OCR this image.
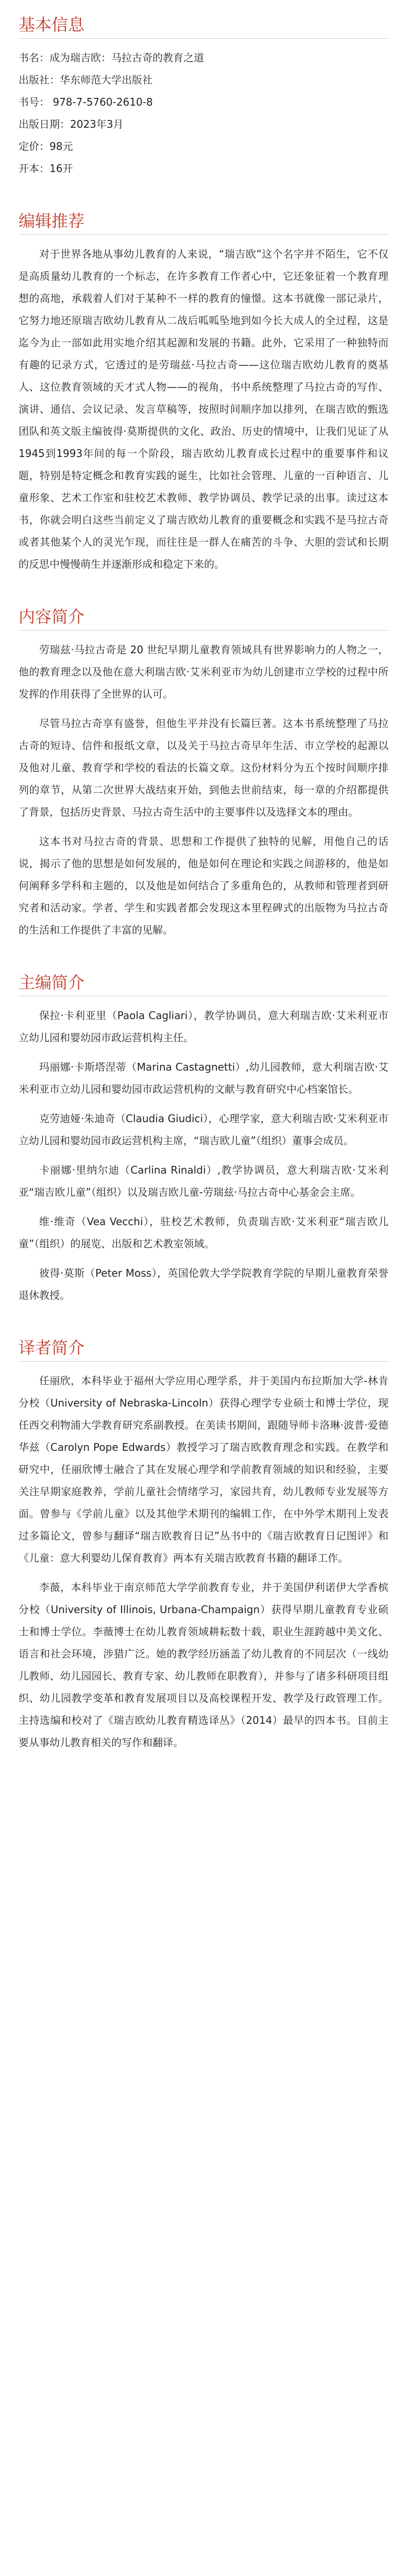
基本信息

书名：成为瑞吉欧：马拉古奇的教育之道

出版社：华东师范大学出版社

书号： 978-7-5760-2610-8

出版日期：2023年3月

定价：98元

开本：16开

编辑推荐

对于世界各地从事幼儿教育的人来说，“瑞吉欧”这个名字并不陌生，它不仅是高质量幼儿教育的一个标志，在许多教育工作者心中，它还象征着一个教育理想的高地，承载着人们对于某种不一样的教育的憧憬。这本书就像一部记录片，它努力地还原瑞吉欧幼儿教育从二战后呱呱坠地到如今长大成人的全过程，这是迄今为止一部如此用实地介绍其起源和发展的书籍。此外，它采用了一种独特而有趣的记录方式，它透过的是劳瑞兹·马拉古奇——这位瑞吉欧幼儿教育的奠基人、这位教育领域的天才式人物——的视角，书中系统整理了马拉古奇的写作、演讲、通信、会议记录、发言草稿等，按照时间顺序加以排列，在瑞吉欧的甄选团队和英文版主编彼得·莫斯提供的文化、政治、历史的情境中，让我们见证了从1945到1993年间的每一个阶段，瑞吉欧幼儿教育成长过程中的重要事件和议题，特别是特定概念和教育实践的诞生，比如社会管理、儿童的一百种语言、儿童形象、艺术工作室和驻校艺术教师、教学协调员、教学记录的出事。读过这本书，你就会明白这些当前定义了瑞吉欧幼儿教育的重要概念和实践不是马拉古奇或者其他某个人的灵光乍现，而往往是一群人在痛苦的斗争、大胆的尝试和长期的反思中慢慢萌生并逐渐形成和稳定下来的。

内容简介

劳瑞兹·马拉古奇是 20 世纪早期儿童教育领域具有世界影响力的人物之一，他的教育理念以及他在意大利瑞吉欧·艾米利亚市为幼儿创建市立学校的过程中所发挥的作用获得了全世界的认可。

尽管马拉古奇享有盛誉，但他生平并没有长篇巨著。这本书系统整理了马拉古奇的短诗、信件和报纸文章，以及关于马拉古奇早年生活、市立学校的起源以及他对儿童、教育学和学校的看法的长篇文章。这份材料分为五个按时间顺序排列的章节，从第二次世界大战结束开始，到他去世前结束，每一章的介绍都提供了背景，包括历史背景、马拉古奇生活中的主要事件以及选择文本的理由。

这本书对马拉古奇的背景、思想和工作提供了独特的见解，用他自己的话说，揭示了他的思想是如何发展的，他是如何在理论和实践之间游移的，他是如何阐释多学科和主题的，以及他是如何结合了多重角色的，从教师和管理者到研究者和活动家。学者、学生和实践者都会发现这本里程碑式的出版物为马拉古奇的生活和工作提供了丰富的见解。

主编简介

保拉·卡利亚里（Paola Cagliari），教学协调员，意大利瑞吉欧·艾米利亚市立幼儿园和婴幼园市政运营机构主任。

玛丽娜·卡斯塔涅蒂（Marina Castagnetti）,幼儿园教师，意大利瑞吉欧·艾米利亚市立幼儿园和婴幼园市政运营机构的文献与教育研究中心档案馆长。

克劳迪娅·朱迪奇（Claudia Giudici），心理学家，意大利瑞吉欧·艾米利亚市立幼儿园和婴幼园市政运营机构主席，“瑞吉欧儿童”（组织）董事会成员。

卡丽娜·里纳尔迪（Carlina Rinaldi）,教学协调员，意大利瑞吉欧·艾米利亚“瑞吉欧儿童”（组织）以及瑞吉欧儿童-劳瑞兹·马拉古奇中心基金会主席。

维·维奇（Vea Vecchi），驻校艺术教师，负责瑞吉欧·艾米利亚“瑞吉欧儿童”（组织）的展览、出版和艺术教室领域。

彼得·莫斯（Peter Moss），英国伦敦大学学院教育学院的早期儿童教育荣誉退休教授。

译者简介

任丽欣，本科毕业于福州大学应用心理学系，并于美国内布拉斯加大学-林肯分校（University of Nebraska-Lincoln）获得心理学专业硕士和博士学位，现任西交利物浦大学教育研究系副教授。在美读书期间，跟随导师卡洛琳·波普·爱德华兹（Carolyn Pope Edwards）教授学习了瑞吉欧教育理念和实践。在教学和研究中，任丽欣博士融合了其在发展心理学和学前教育领域的知识和经验，主要关注早期家庭教养，学前儿童社会情绪学习，家园共育，幼儿教师专业发展等方面。曾参与《学前儿童》以及其他学术期刊的编辑工作，在中外学术期刊上发表过多篇论文，曾参与翻译“瑞吉欧教育日记”丛书中的《瑞吉欧教育日记图评》和《儿童：意大利婴幼儿保育教育》两本有关瑞吉欧教育书籍的翻译工作。

李薇，本科毕业于南京师范大学学前教育专业，并于美国伊利诺伊大学香槟分校（University of Illinois, Urbana-Champaign）获得早期儿童教育专业硕士和博士学位。李薇博士在幼儿教育领域耕耘数十载，职业生涯跨越中美文化、语言和社会环境，涉猎广泛。她的教学经历涵盖了幼儿教育的不同层次（一线幼儿教师、幼儿园园长、教育专家、幼儿教师在职教育），并参与了诸多科研项目组织、幼儿园教学变革和教育发展项目以及高校课程开发、教学及行政管理工作。主持选编和校对了《瑞吉欧幼儿教育精选译丛》（2014）最早的四本书。目前主要从事幼儿教育相关的写作和翻译。
